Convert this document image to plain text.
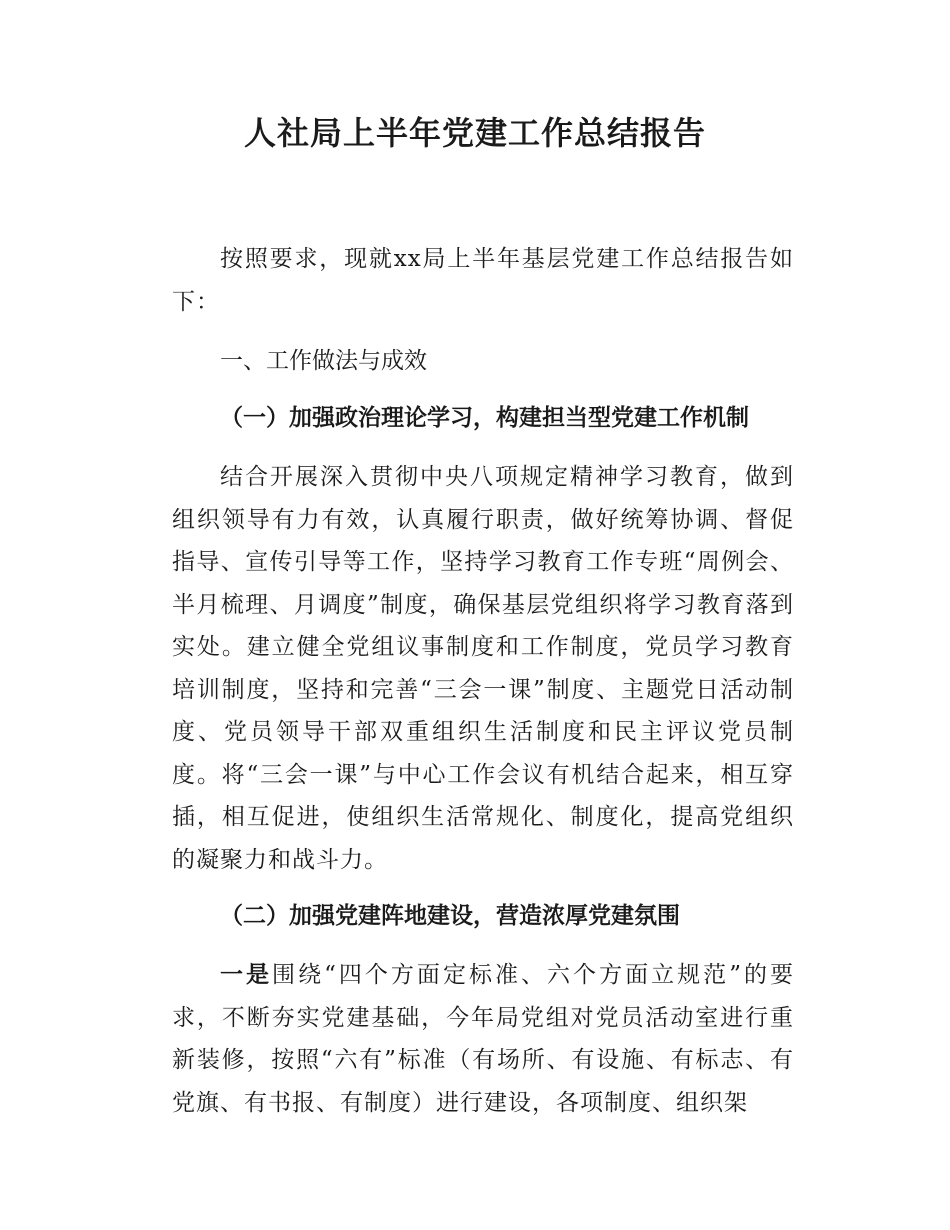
人社局上半年党建工作总结报告

按照要求，现就xx局上半年基层党建工作总结报告如下：

一、工作做法与成效

（一）加强政治理论学习，构建担当型党建工作机制

结合开展深入贯彻中央八项规定精神学习教育，做到组织领导有力有效，认真履行职责，做好统筹协调、督促指导、宣传引导等工作，坚持学习教育工作专班“周例会、半月梳理、月调度”制度，确保基层党组织将学习教育落到实处。建立健全党组议事制度和工作制度，党员学习教育培训制度，坚持和完善“三会一课”制度、主题党日活动制度、党员领导干部双重组织生活制度和民主评议党员制度。将“三会一课”与中心工作会议有机结合起来，相互穿插，相互促进，使组织生活常规化、制度化，提高党组织的凝聚力和战斗力。

（二）加强党建阵地建设，营造浓厚党建氛围

一是围绕“四个方面定标准、六个方面立规范”的要求，不断夯实党建基础，今年局党组对党员活动室进行重新装修，按照“六有”标准（有场所、有设施、有标志、有党旗、有书报、有制度）进行建设，各项制度、组织架
